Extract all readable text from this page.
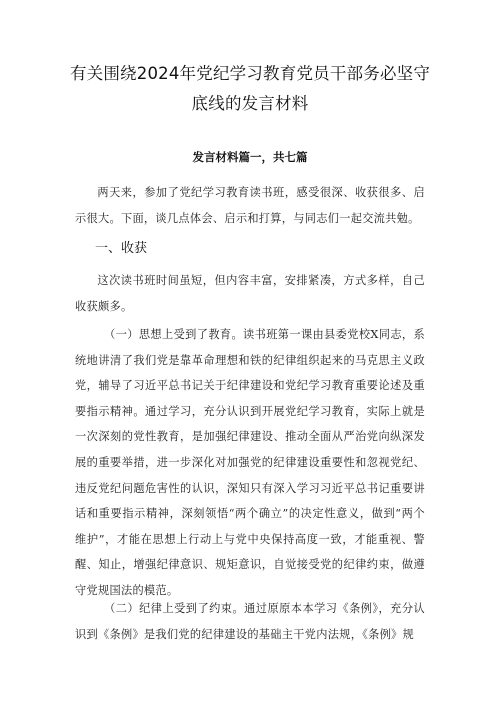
有关围绕2024年党纪学习教育党员干部务必坚守
底线的发言材料
发言材料篇一，共七篇

两天来，参加了党纪学习教育读书班，感受很深、收获很多、启示很大。下面，谈几点体会、启示和打算，与同志们一起交流共勉。

一、收获

这次读书班时间虽短，但内容丰富，安排紧凑，方式多样，自己收获颇多。

（一）思想上受到了教育。读书班第一课由县委党校X同志，系统地讲清了我们党是靠革命理想和铁的纪律组织起来的马克思主义政党，辅导了习近平总书记关于纪律建设和党纪学习教育重要论述及重要指示精神。通过学习，充分认识到开展党纪学习教育，实际上就是一次深刻的党性教育，是加强纪律建设、推动全面从严治党向纵深发展的重要举措，进一步深化对加强党的纪律建设重要性和忽视党纪、违反党纪问题危害性的认识，深知只有深入学习习近平总书记重要讲话和重要指示精神，深刻领悟“两个确立”的决定性意义，做到“两个维护”，才能在思想上行动上与党中央保持高度一致，才能重视、警醒、知止，增强纪律意识、规矩意识，自觉接受党的纪律约束，做遵守党规国法的模范。

（二）纪律上受到了约束。通过原原本本学习《条例》，充分认识到《条例》是我们党的纪律建设的基础主干党内法规，《条例》规
